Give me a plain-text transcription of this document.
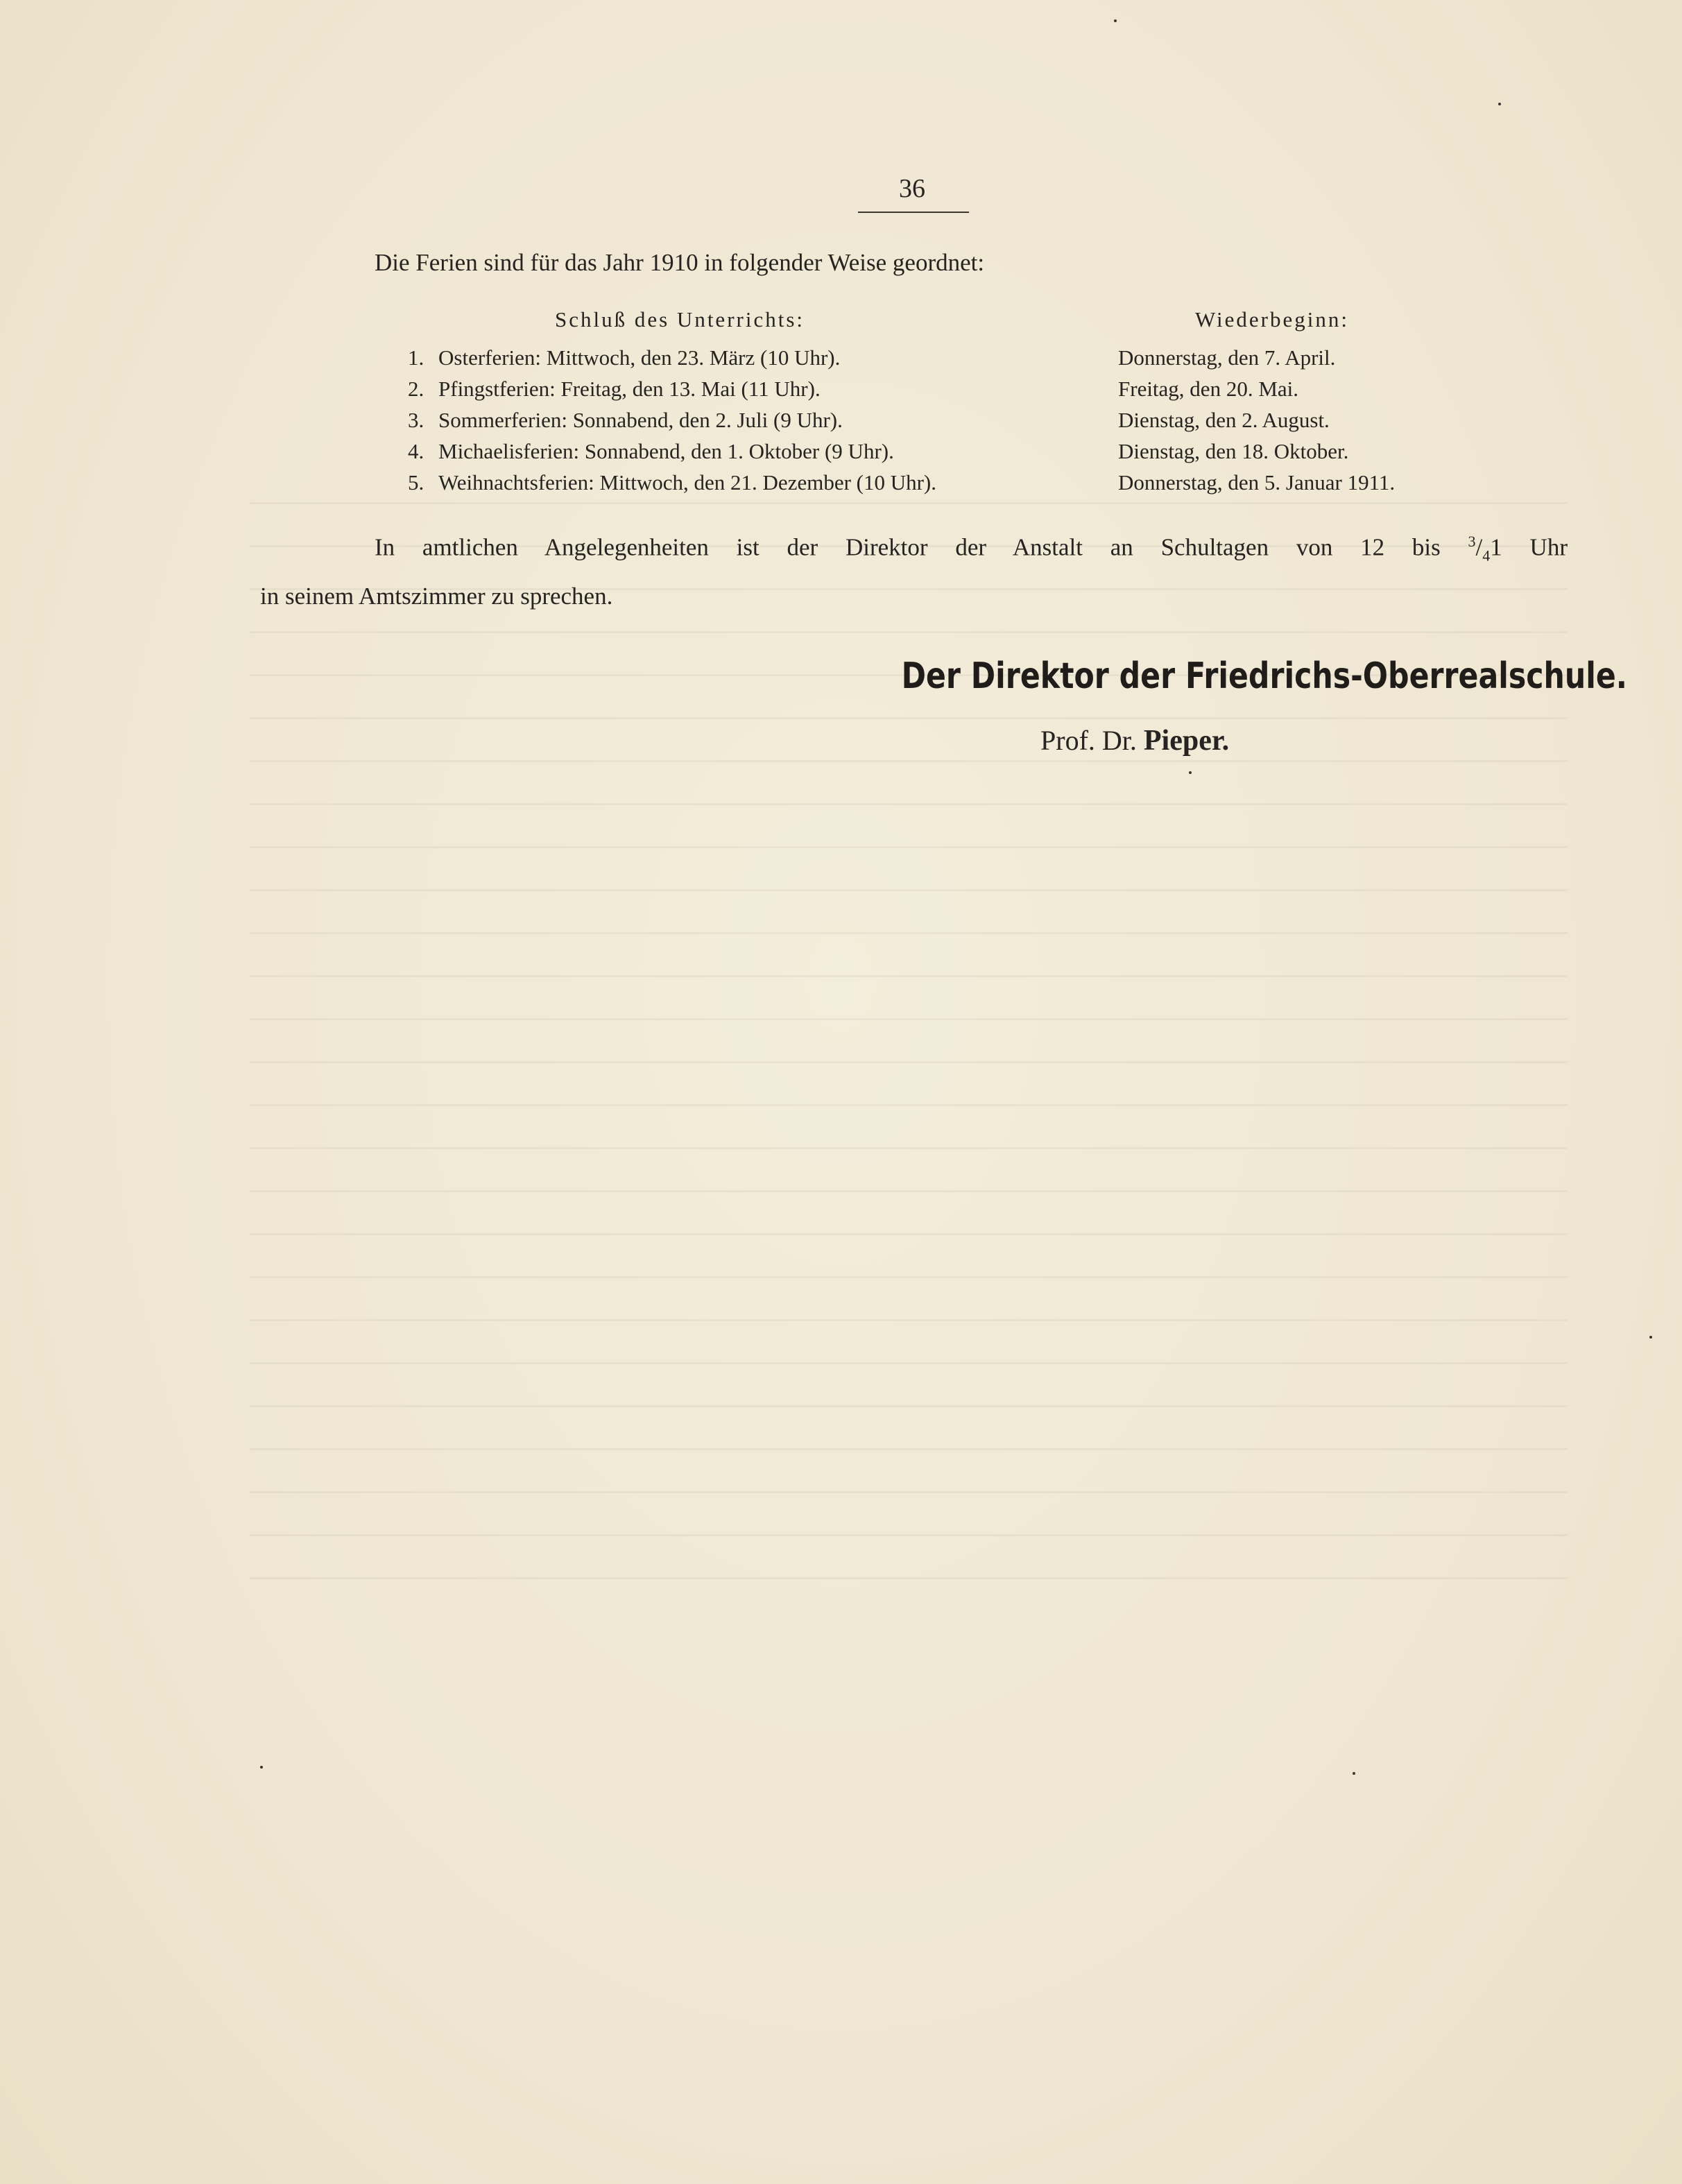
36
Die Ferien sind für das Jahr 1910 in folgender Weise geordnet:
Schluß des Unterrichts:	Wiederbeginn:
1. Osterferien: Mittwoch, den 23. März (10 Uhr).	Donnerstag, den 7. April.
2. Pfingstferien: Freitag, den 13. Mai (11 Uhr).	Freitag, den 20. Mai.
3. Sommerferien: Sonnabend, den 2. Juli (9 Uhr).	Dienstag, den 2. August.
4. Michaelisferien: Sonnabend, den 1. Oktober (9 Uhr).	Dienstag, den 18. Oktober.
5. Weihnachtsferien: Mittwoch, den 21. Dezember (10 Uhr).	Donnerstag, den 5. Januar 1911.
In amtlichen Angelegenheiten ist der Direktor der Anstalt an Schultagen von 12 bis $^3/_41$ Uhr
in seinem Amtszimmer zu sprechen.
Der Direktor der Friedrichs-Oberrealschule.
Prof. Dr. Pieper.
